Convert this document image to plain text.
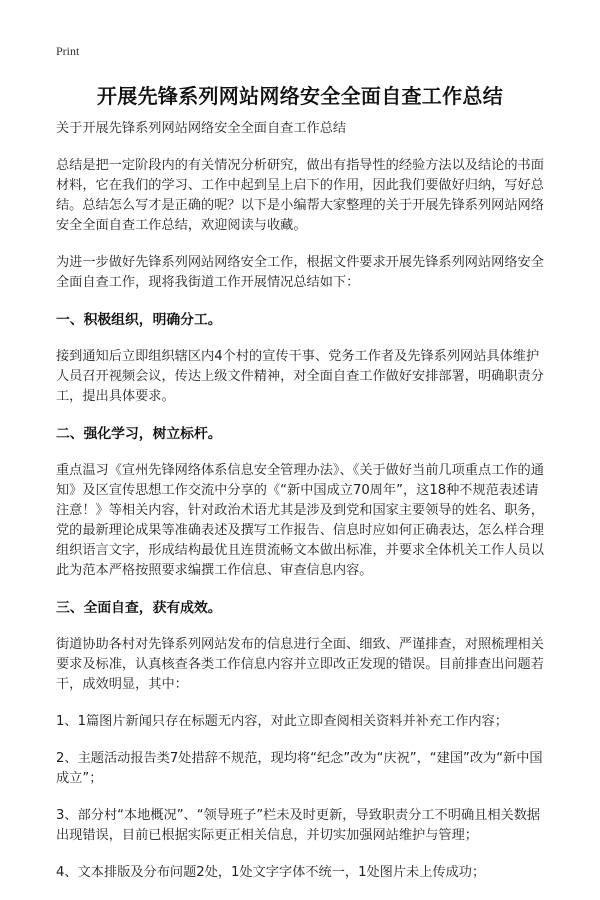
Print
开展先锋系列网站网络安全全面自查工作总结

关于开展先锋系列网站网络安全全面自查工作总结

总结是把一定阶段内的有关情况分析研究，做出有指导性的经验方法以及结论的书面材料，它在我们的学习、工作中起到呈上启下的作用，因此我们要做好归纳，写好总结。总结怎么写才是正确的呢？以下是小编帮大家整理的关于开展先锋系列网站网络安全全面自查工作总结，欢迎阅读与收藏。

为进一步做好先锋系列网站网络安全工作，根据文件要求开展先锋系列网站网络安全全面自查工作，现将我街道工作开展情况总结如下：

一、积极组织，明确分工。

接到通知后立即组织辖区内4个村的宣传干事、党务工作者及先锋系列网站具体维护人员召开视频会议，传达上级文件精神，对全面自查工作做好安排部署，明确职责分工，提出具体要求。

二、强化学习，树立标杆。

重点温习《宣州先锋网络体系信息安全管理办法》、《关于做好当前几项重点工作的通知》及区宣传思想工作交流中分享的《“新中国成立70周年”，这18种不规范表述请注意！》等相关内容，针对政治术语尤其是涉及到党和国家主要领导的姓名、职务，党的最新理论成果等准确表述及撰写工作报告、信息时应如何正确表达，怎么样合理组织语言文字，形成结构最优且连贯流畅文本做出标准，并要求全体机关工作人员以此为范本严格按照要求编撰工作信息、审查信息内容。

三、全面自查，获有成效。

街道协助各村对先锋系列网站发布的信息进行全面、细致、严谨排查，对照梳理相关要求及标准，认真核查各类工作信息内容并立即改正发现的错误。目前排查出问题若干，成效明显，其中：

1、1篇图片新闻只存在标题无内容，对此立即查阅相关资料并补充工作内容；

2、主题活动报告类7处措辞不规范，现均将“纪念”改为“庆祝”，“建国”改为“新中国成立”；

3、部分村“本地概况”、“领导班子”栏未及时更新，导致职责分工不明确且相关数据出现错误，目前已根据实际更正相关信息，并切实加强网站维护与管理；

4、文本排版及分布问题2处，1处文字字体不统一，1处图片未上传成功；
